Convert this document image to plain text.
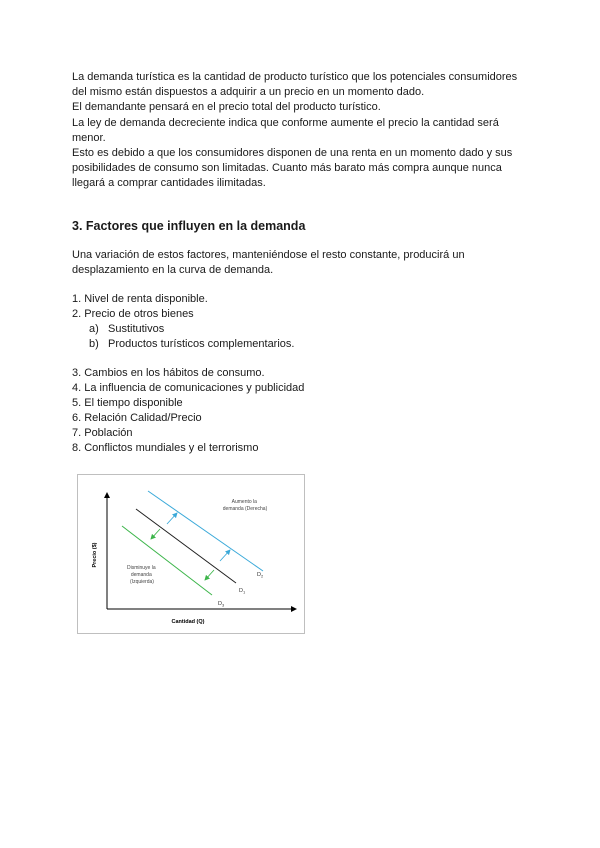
La demanda turística es la cantidad de producto turístico que los potenciales consumidores del mismo están dispuestos a adquirir a un precio en un momento dado.

El demandante pensará en el precio total del producto turístico.

La ley de demanda decreciente indica que conforme aumente el precio la cantidad será menor.

Esto es debido a que los consumidores disponen de una renta en un momento dado y sus posibilidades de consumo son limitadas. Cuanto más barato más compra aunque nunca llegará a comprar cantidades ilimitadas.

3. Factores que influyen en la demanda

Una variación de estos factores, manteniéndose el resto constante, producirá un desplazamiento en la curva de demanda.

1. Nivel de renta disponible.
2. Precio de otros bienes
a) Sustitutivos
b) Productos turísticos complementarios.
3. Cambios en los hábitos de consumo.
4. La influencia de comunicaciones y publicidad
5. El tiempo disponible
6. Relación Calidad/Precio
7. Población
8. Conflictos mundiales y el terrorismo
Precio ($)
Cantidad (Q)
$D_2$
$D_1$
$D_3$
Aumento la demanda (Derecha)
Disminuye la demanda (Izquierda)
